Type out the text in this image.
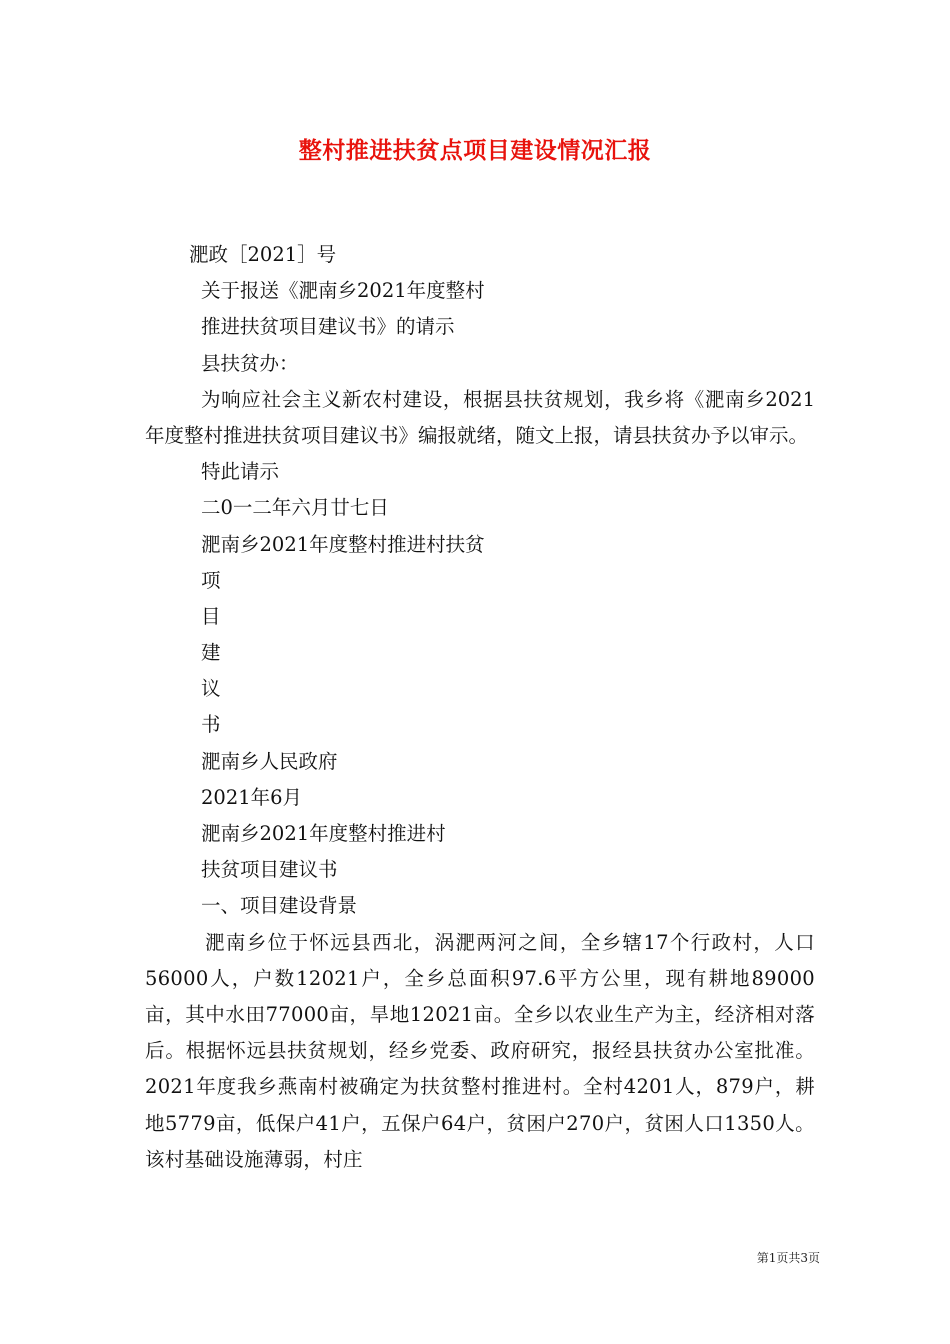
整村推进扶贫点项目建设情况汇报
淝政［2021］号
关于报送《淝南乡2021年度整村
推进扶贫项目建议书》的请示
县扶贫办：
为响应社会主义新农村建设，根据县扶贫规划，我乡将《淝南乡2021年度整村推进扶贫项目建议书》编报就绪，随文上报，请县扶贫办予以审示。
特此请示
二0一二年六月廿七日
淝南乡2021年度整村推进村扶贫
项
目
建
议
书
淝南乡人民政府
2021年6月
淝南乡2021年度整村推进村
扶贫项目建议书
一、项目建设背景
淝南乡位于怀远县西北，涡淝两河之间，全乡辖17个行政村，人口56000人，户数12021户，全乡总面积97.6平方公里，现有耕地89000亩，其中水田77000亩，旱地12021亩。全乡以农业生产为主，经济相对落后。根据怀远县扶贫规划，经乡党委、政府研究，报经县扶贫办公室批准。2021年度我乡燕南村被确定为扶贫整村推进村。全村4201人，879户，耕地5779亩，低保户41户，五保户64户，贫困户270户，贫困人口1350人。该村基础设施薄弱，村庄
第1页共3页
